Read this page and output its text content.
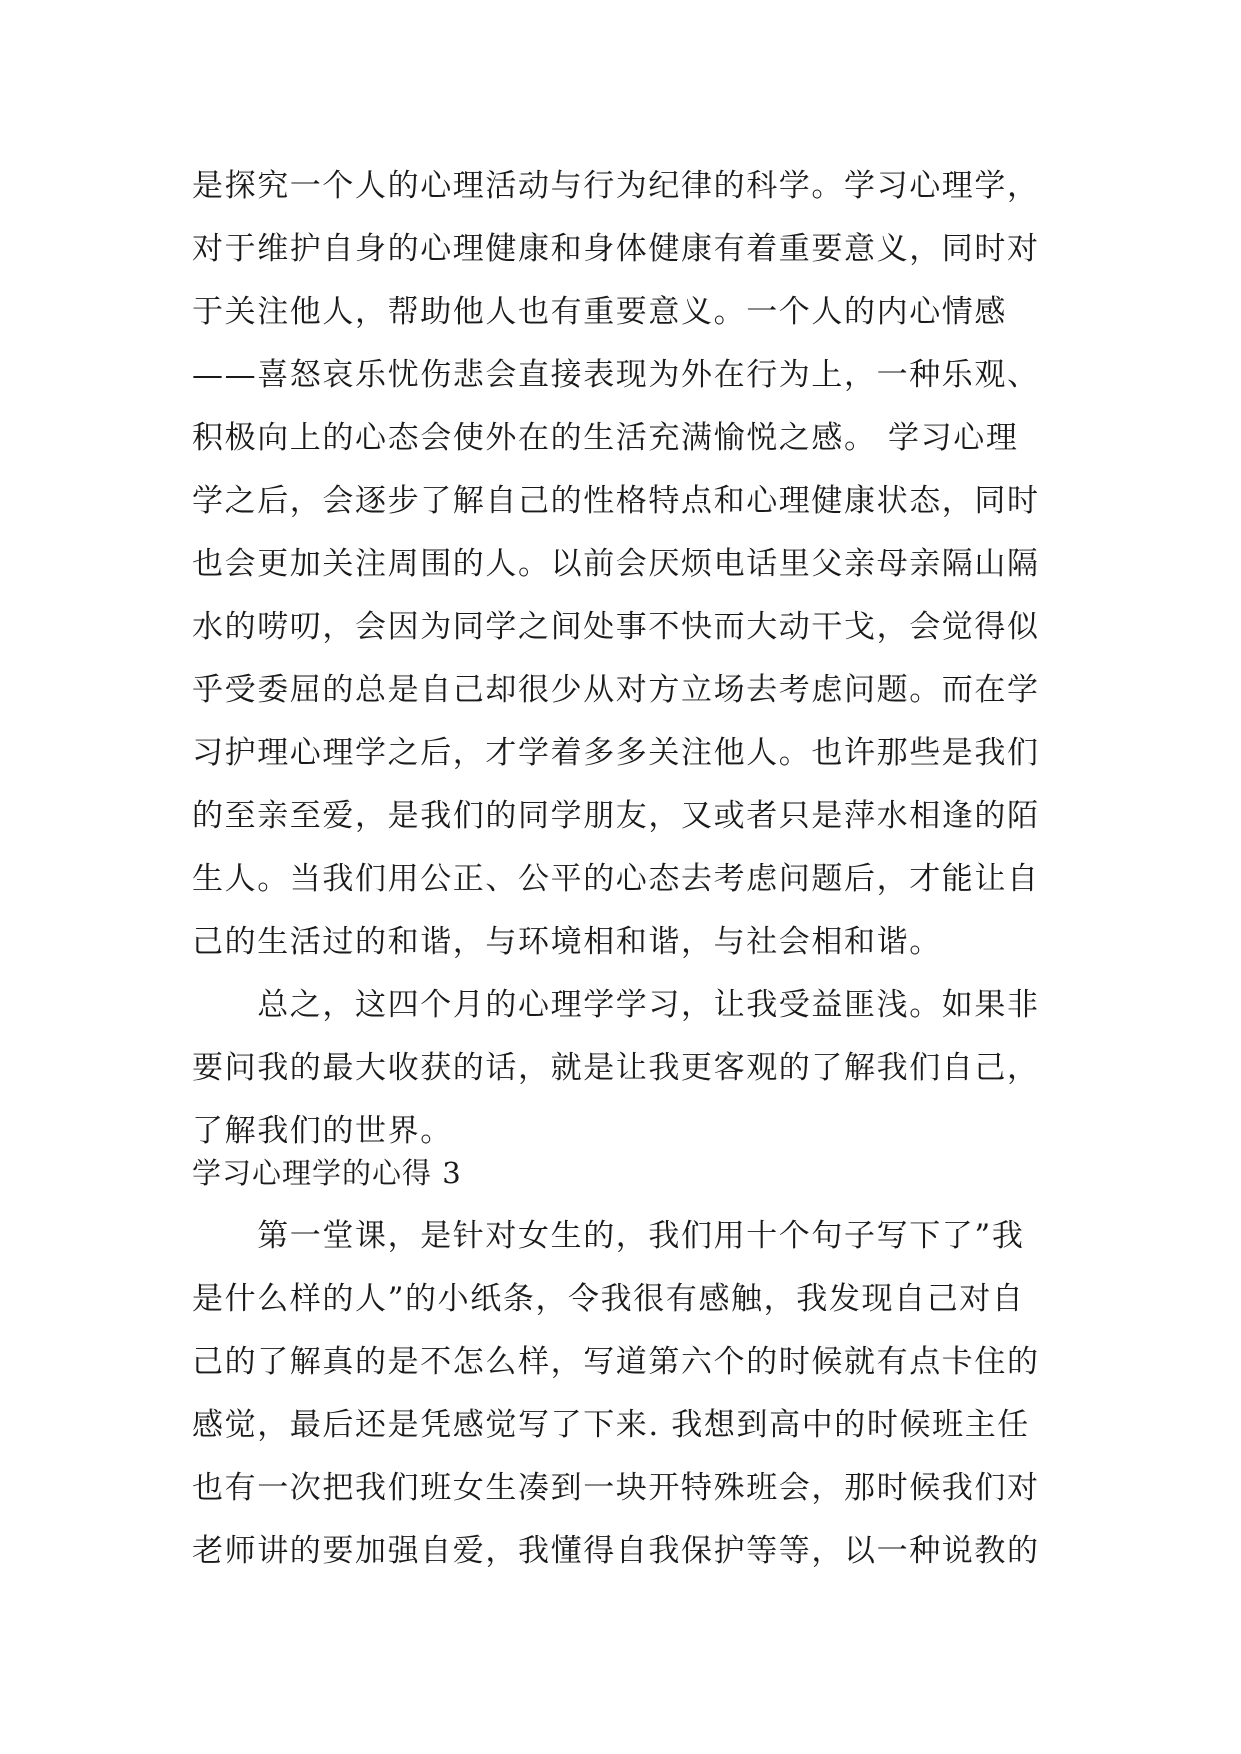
是探究一个人的心理活动与行为纪律的科学。学习心理学，
对于维护自身的心理健康和身体健康有着重要意义，同时对
于关注他人，帮助他人也有重要意义。一个人的内心情感
——喜怒哀乐忧伤悲会直接表现为外在行为上，一种乐观、
积极向上的心态会使外在的生活充满愉悦之感。 学习心理
学之后，会逐步了解自己的性格特点和心理健康状态，同时
也会更加关注周围的人。以前会厌烦电话里父亲母亲隔山隔
水的唠叨，会因为同学之间处事不快而大动干戈，会觉得似
乎受委屈的总是自己却很少从对方立场去考虑问题。而在学
习护理心理学之后，才学着多多关注他人。也许那些是我们
的至亲至爱，是我们的同学朋友，又或者只是萍水相逢的陌
生人。当我们用公正、公平的心态去考虑问题后，才能让自
己的生活过的和谐，与环境相和谐，与社会相和谐。
　　总之，这四个月的心理学学习，让我受益匪浅。如果非
要问我的最大收获的话，就是让我更客观的了解我们自己，
了解我们的世界。
学习心理学的心得 3
　　第一堂课，是针对女生的，我们用十个句子写下了”我
是什么样的人”的小纸条，令我很有感触，我发现自己对自
己的了解真的是不怎么样，写道第六个的时候就有点卡住的
感觉，最后还是凭感觉写了下来. 我想到高中的时候班主任
也有一次把我们班女生凑到一块开特殊班会，那时候我们对
老师讲的要加强自爱，我懂得自我保护等等，以一种说教的
